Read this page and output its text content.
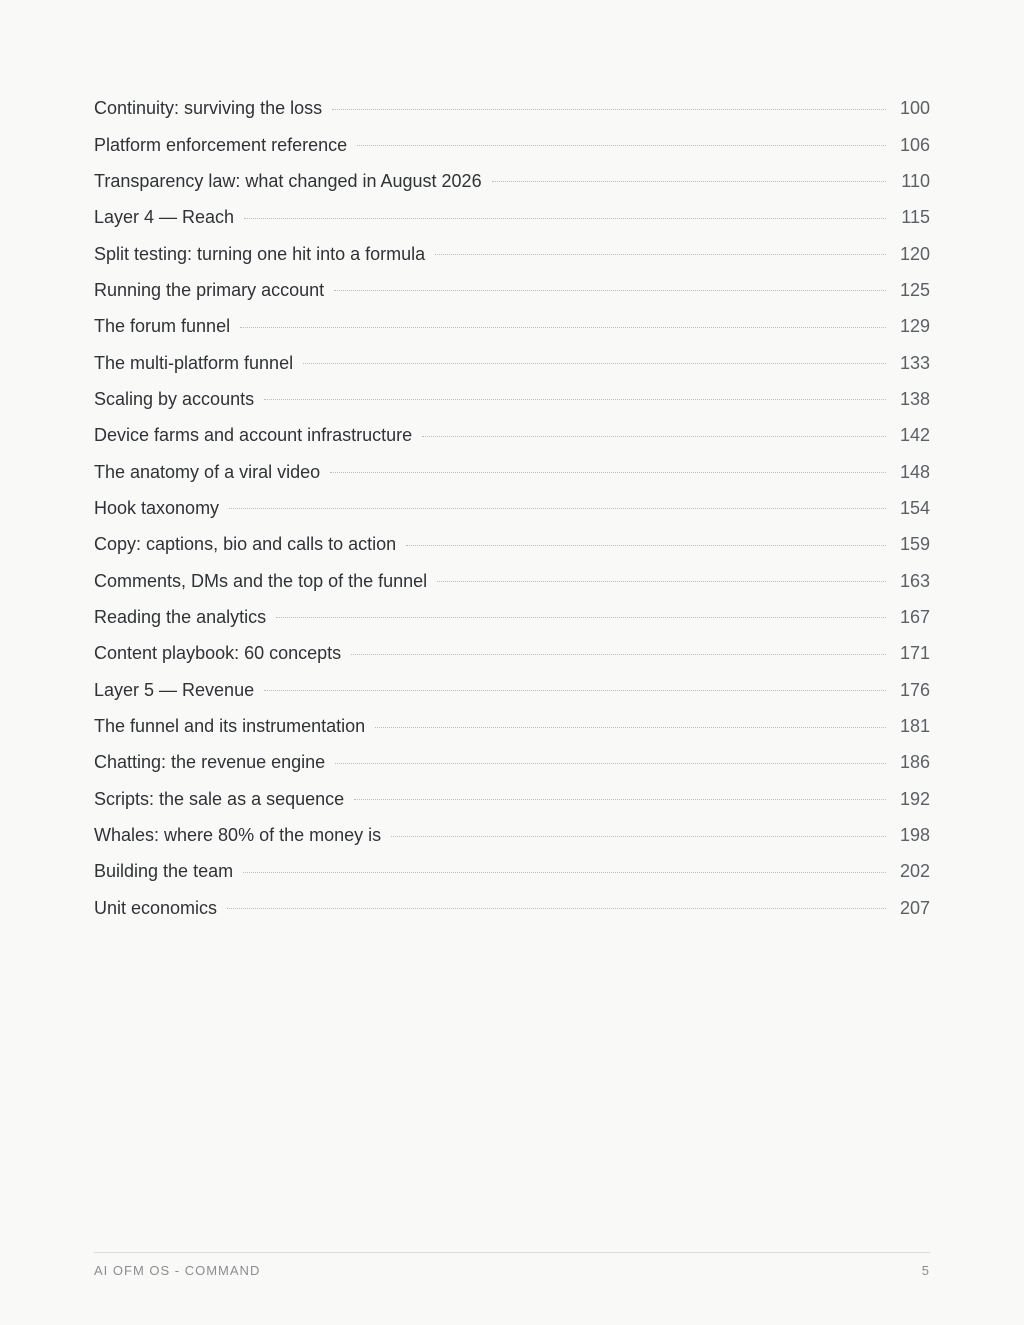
Continuity: surviving the loss	100
Platform enforcement reference	106
Transparency law: what changed in August 2026	110
Layer 4 — Reach	115
Split testing: turning one hit into a formula	120
Running the primary account	125
The forum funnel	129
The multi-platform funnel	133
Scaling by accounts	138
Device farms and account infrastructure	142
The anatomy of a viral video	148
Hook taxonomy	154
Copy: captions, bio and calls to action	159
Comments, DMs and the top of the funnel	163
Reading the analytics	167
Content playbook: 60 concepts	171
Layer 5 — Revenue	176
The funnel and its instrumentation	181
Chatting: the revenue engine	186
Scripts: the sale as a sequence	192
Whales: where 80% of the money is	198
Building the team	202
Unit economics	207
AI OFM OS - COMMAND	5
